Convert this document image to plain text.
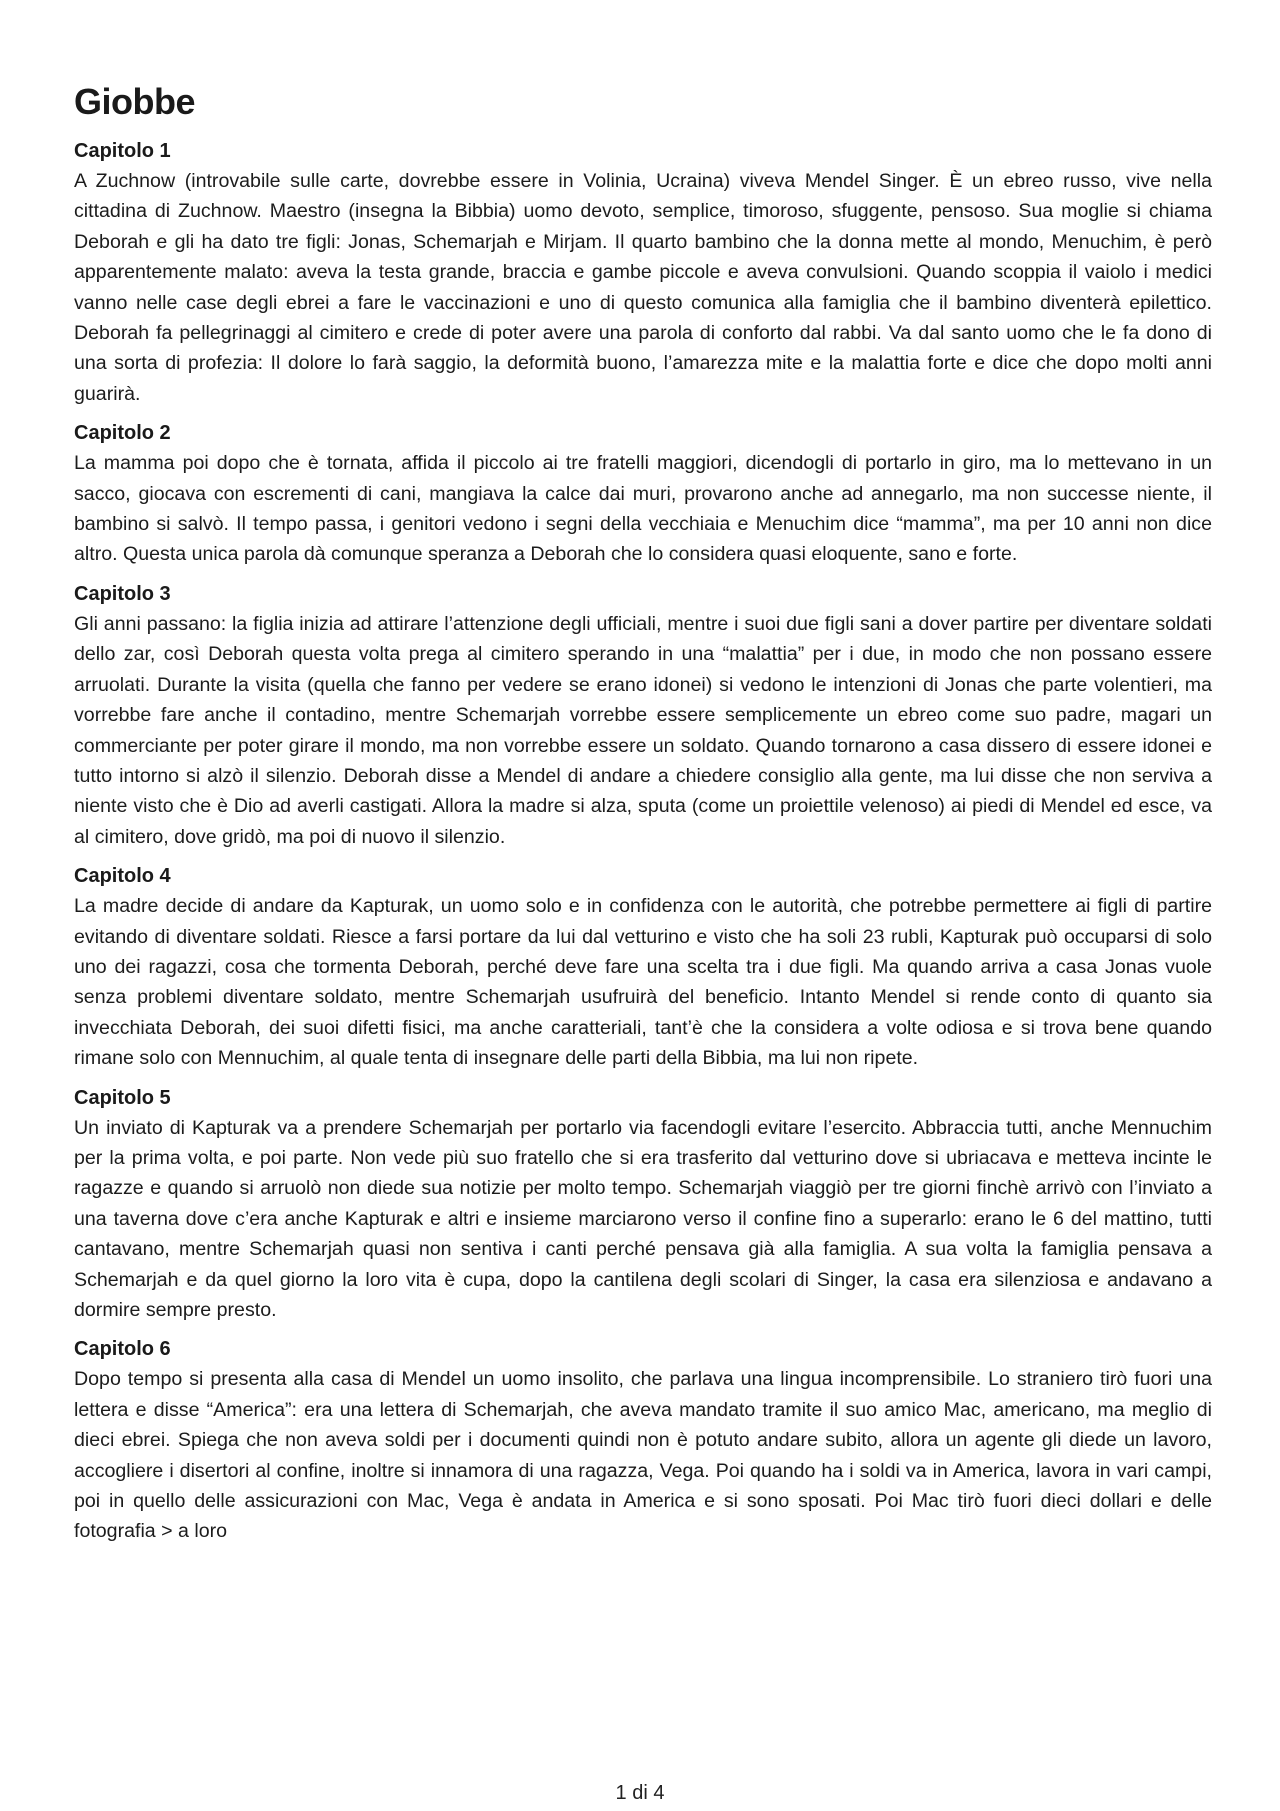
Giobbe
Capitolo 1

A Zuchnow (introvabile sulle carte, dovrebbe essere in Volinia, Ucraina) viveva Mendel Singer. È un ebreo russo, vive nella cittadina di Zuchnow. Maestro (insegna la Bibbia) uomo devoto, semplice, timoroso, sfuggente, pensoso. Sua moglie si chiama Deborah e gli ha dato tre figli: Jonas, Schemarjah e Mirjam. Il quarto bambino che la donna mette al mondo, Menuchim, è però apparentemente malato: aveva la testa grande, braccia e gambe piccole e aveva convulsioni. Quando scoppia il vaiolo i medici vanno nelle case degli ebrei a fare le vaccinazioni e uno di questo comunica alla famiglia che il bambino diventerà epilettico. Deborah fa pellegrinaggi al cimitero e crede di poter avere una parola di conforto dal rabbi. Va dal santo uomo che le fa dono di una sorta di profezia: Il dolore lo farà saggio, la deformità buono, l’amarezza mite e la malattia forte e dice che dopo molti anni guarirà.

Capitolo 2

La mamma poi dopo che è tornata, affida il piccolo ai tre fratelli maggiori, dicendogli di portarlo in giro, ma lo mettevano in un sacco, giocava con escrementi di cani, mangiava la calce dai muri, provarono anche ad annegarlo, ma non successe niente, il bambino si salvò. Il tempo passa, i genitori vedono i segni della vecchiaia e Menuchim dice “mamma”, ma per 10 anni non dice altro. Questa unica parola dà comunque speranza a Deborah che lo considera quasi eloquente, sano e forte.

Capitolo 3

Gli anni passano: la figlia inizia ad attirare l’attenzione degli ufficiali, mentre i suoi due figli sani a dover partire per diventare soldati dello zar, così Deborah questa volta prega al cimitero sperando in una “malattia” per i due, in modo che non possano essere arruolati. Durante la visita (quella che fanno per vedere se erano idonei) si vedono le intenzioni di Jonas che parte volentieri, ma vorrebbe fare anche il contadino, mentre Schemarjah vorrebbe essere semplicemente un ebreo come suo padre, magari un commerciante per poter girare il mondo, ma non vorrebbe essere un soldato. Quando tornarono a casa dissero di essere idonei e tutto intorno si alzò il silenzio. Deborah disse a Mendel di andare a chiedere consiglio alla gente, ma lui disse che non serviva a niente visto che è Dio ad averli castigati. Allora la madre si alza, sputa (come un proiettile velenoso) ai piedi di Mendel ed esce, va al cimitero, dove gridò, ma poi di nuovo il silenzio.

Capitolo 4

La madre decide di andare da Kapturak, un uomo solo e in confidenza con le autorità, che potrebbe permettere ai figli di partire evitando di diventare soldati. Riesce a farsi portare da lui dal vetturino e visto che ha soli 23 rubli, Kapturak può occuparsi di solo uno dei ragazzi, cosa che tormenta Deborah, perché deve fare una scelta tra i due figli. Ma quando arriva a casa Jonas vuole senza problemi diventare soldato, mentre Schemarjah usufruirà del beneficio. Intanto Mendel si rende conto di quanto sia invecchiata Deborah, dei suoi difetti fisici, ma anche caratteriali, tant’è che la considera a volte odiosa e si trova bene quando rimane solo con Mennuchim, al quale tenta di insegnare delle parti della Bibbia, ma lui non ripete.

Capitolo 5

Un inviato di Kapturak va a prendere Schemarjah per portarlo via facendogli evitare l’esercito. Abbraccia tutti, anche Mennuchim per la prima volta, e poi parte. Non vede più suo fratello che si era trasferito dal vetturino dove si ubriacava e metteva incinte le ragazze e quando si arruolò non diede sua notizie per molto tempo. Schemarjah viaggiò per tre giorni finchè arrivò con l’inviato a una taverna dove c’era anche Kapturak e altri e insieme marciarono verso il confine fino a superarlo: erano le 6 del mattino, tutti cantavano, mentre Schemarjah quasi non sentiva i canti perché pensava già alla famiglia. A sua volta la famiglia pensava a Schemarjah e da quel giorno la loro vita è cupa, dopo la cantilena degli scolari di Singer, la casa era silenziosa e andavano a dormire sempre presto.

Capitolo 6

Dopo tempo si presenta alla casa di Mendel un uomo insolito, che parlava una lingua incomprensibile. Lo straniero tirò fuori una lettera e disse “America”: era una lettera di Schemarjah, che aveva mandato tramite il suo amico Mac, americano, ma meglio di dieci ebrei. Spiega che non aveva soldi per i documenti quindi non è potuto andare subito, allora un agente gli diede un lavoro, accogliere i disertori al confine, inoltre si innamora di una ragazza, Vega. Poi quando ha i soldi va in America, lavora in vari campi, poi in quello delle assicurazioni con Mac, Vega è andata in America e si sono sposati. Poi Mac tirò fuori dieci dollari e delle fotografia > a loro

1 di 4
